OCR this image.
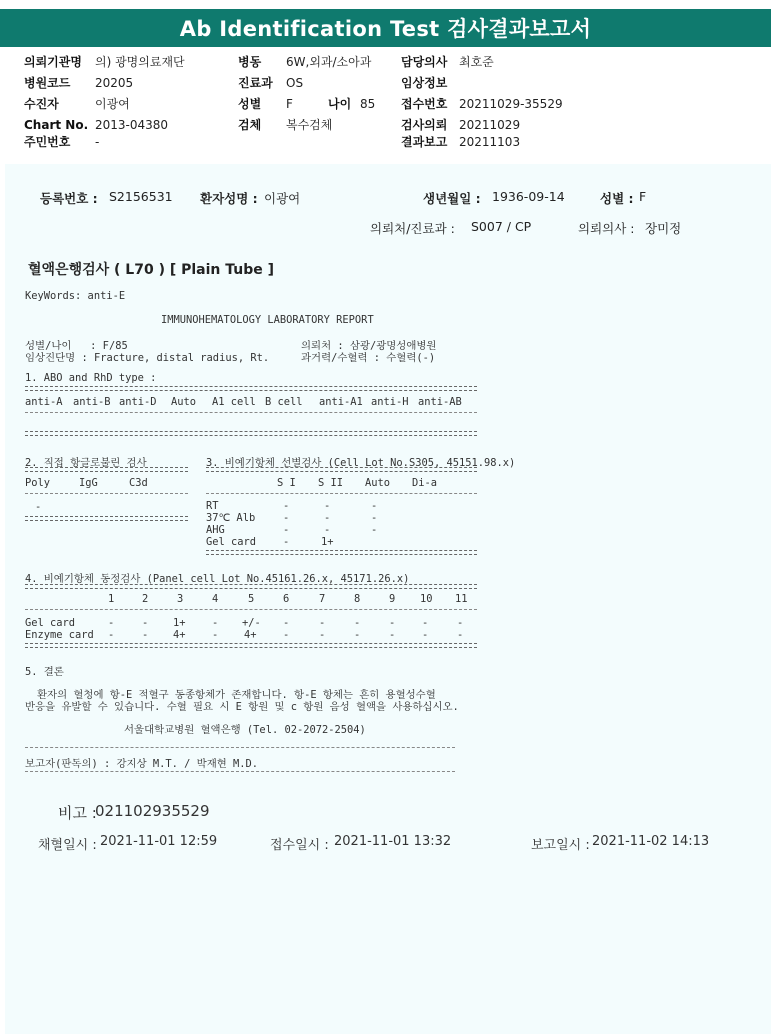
Ab Identification Test 검사결과보고서
의뢰기관명 의) 광명의료재단	병동 6W,외과/소아과 담당의사 최호준
병원코드 20205	진료과 OS	임상정보
수진자	이광여	성별 F	나이 85 접수번호 20211029-35529
Chart No. 2013-04380	검체 복수검체	검사의뢰 20211029
주민번호 -	결과보고 20211103
등록번호 : S2156531 환자성명 : 이광여	생년월일 : 1936-09-14	성별 : F
의뢰처/진료과 : S007 / CP	의뢰의사 : 장미정
혈액은행검사 ( L70 ) [ Plain Tube ]
KeyWords: anti-E
IMMUNOHEMATOLOGY LABORATORY REPORT
성별/나이   : F/85
임상진단명 : Fracture, distal radius, Rt.
의뢰처 : 삼광/광명성애병원
과거력/수혈력 : 수혈력(-)
1. ABO and RhD type :
anti-A anti-B anti-D Auto A1 cell B cell anti-A1 anti-H anti-AB
2. 직접 항글로불린 검사
Poly	IgG	C3d
-
3. 비예기항체 선별검사 (Cell Lot No.S305, 45151.98.x)
S I S II Auto Di-a
RT	-	-	-
37℃ Alb	-	-	-
AHG	-	-	-
Gel card	-	1+
4. 비예기항체 동정검사 (Panel cell Lot No.45161.26.x, 45171.26.x)
1	2	3	4	5	6	7	8	9 10 11
Gel card	-	- 1+	- +/- -	-	-	-	-	-
Enzyme card -	- 4+	- 4+	-	-	-	-	-	-
5. 결론
환자의 혈청에 항-E 적혈구 동종항체가 존재합니다. 항-E 항체는 흔히 용혈성수혈
반응을 유발할 수 있습니다. 수혈 필요 시 E 항원 및 c 항원 음성 혈액을 사용하십시오.
서울대학교병원 혈액은행 (Tel. 02-2072-2504)
보고자(판독의) : 강지상 M.T. / 박재현 M.D.
비고 :
021102935529
채혈일시 : 2021-11-01 12:59	접수일시 : 2021-11-01 13:32	보고일시 : 2021-11-02 14:13
